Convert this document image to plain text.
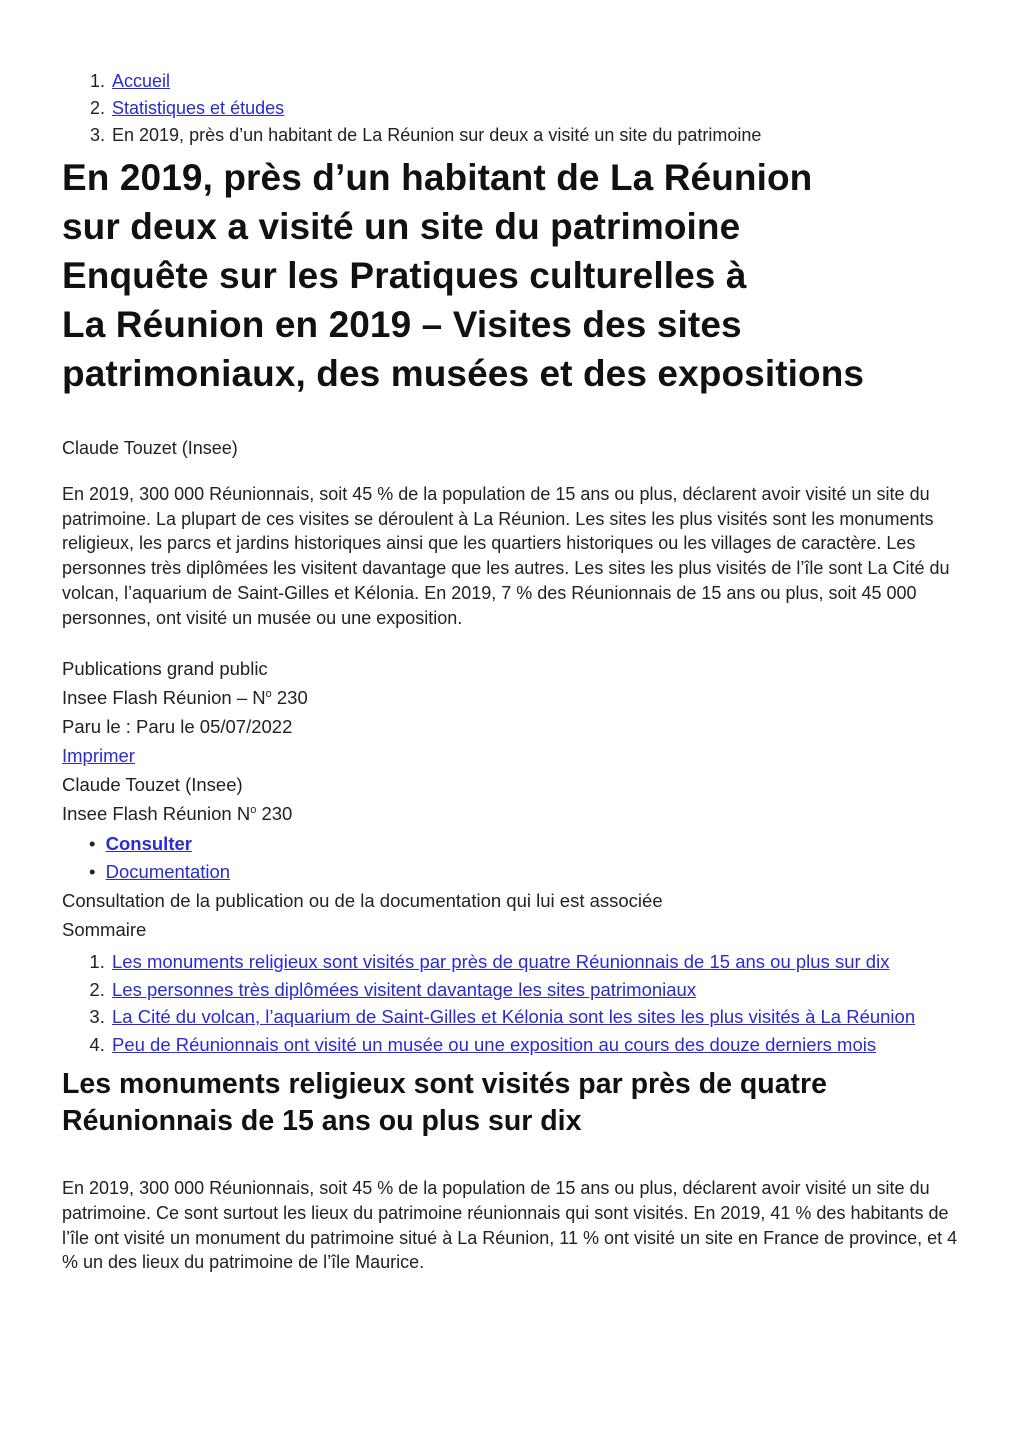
1. Accueil
2. Statistiques et études
3. En 2019, près d’un habitant de La Réunion sur deux a visité un site du patrimoine
En 2019, près d’un habitant de La Réunion
sur deux a visité un site du patrimoine
Enquête sur les Pratiques culturelles à
La Réunion en 2019 – Visites des sites
patrimoniaux, des musées et des expositions
Claude Touzet (Insee)
En 2019, 300 000 Réunionnais, soit 45 % de la population de 15 ans ou plus, déclarent avoir visité un site du patrimoine. La plupart de ces visites se déroulent à La Réunion. Les sites les plus visités sont les monuments religieux, les parcs et jardins historiques ainsi que les quartiers historiques ou les villages de caractère. Les personnes très diplômées les visitent davantage que les autres. Les sites les plus visités de l’île sont La Cité du volcan, l’aquarium de Saint-Gilles et Kélonia. En 2019, 7 % des Réunionnais de 15 ans ou plus, soit 45 000 personnes, ont visité un musée ou une exposition.
Publications grand public
Insee Flash Réunion – $N^o$ 230
Paru le : Paru le 05/07/2022
Imprimer
Claude Touzet (Insee)
Insee Flash Réunion $N^o$ 230
• Consulter
• Documentation
Consultation de la publication ou de la documentation qui lui est associée
Sommaire
1. Les monuments religieux sont visités par près de quatre Réunionnais de 15 ans ou plus sur dix
2. Les personnes très diplômées visitent davantage les sites patrimoniaux
3. La Cité du volcan, l’aquarium de Saint-Gilles et Kélonia sont les sites les plus visités à La Réunion
4. Peu de Réunionnais ont visité un musée ou une exposition au cours des douze derniers mois
Les monuments religieux sont visités par près de quatre
Réunionnais de 15 ans ou plus sur dix
En 2019, 300 000 Réunionnais, soit 45 % de la population de 15 ans ou plus, déclarent avoir visité un site du patrimoine. Ce sont surtout les lieux du patrimoine réunionnais qui sont visités. En 2019, 41 % des habitants de l’île ont visité un monument du patrimoine situé à La Réunion, 11 % ont visité un site en France de province, et 4 % un des lieux du patrimoine de l’île Maurice.
